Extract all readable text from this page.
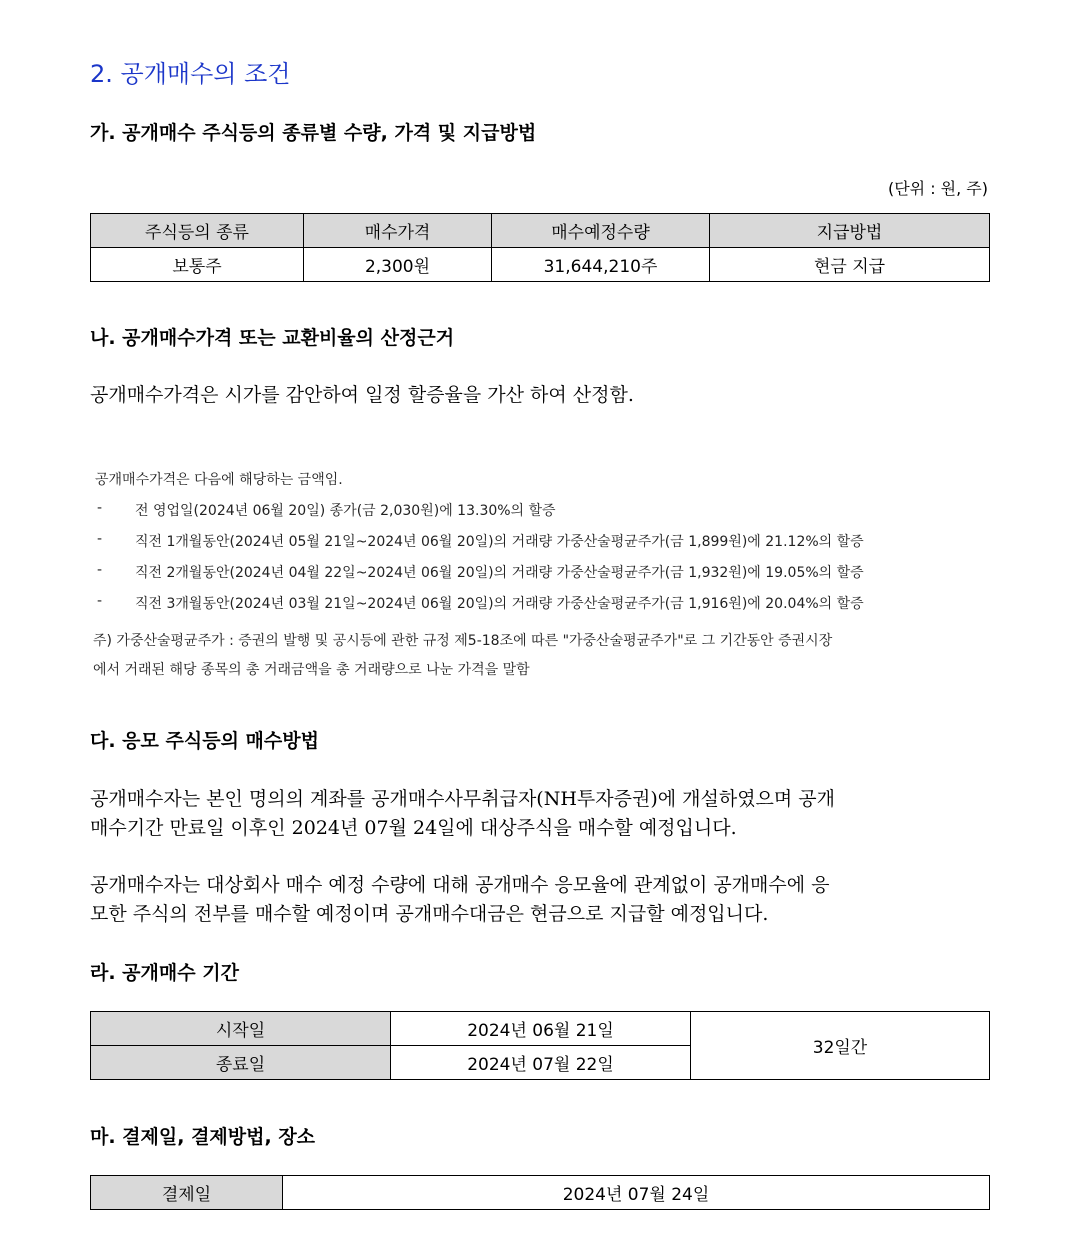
2. 공개매수의 조건
가. 공개매수 주식등의 종류별 수량, 가격 및 지급방법
(단위 : 원, 주)
주식등의 종류	매수가격	매수예정수량	지급방법
보통주	2,300원	31,644,210주	현금 지급
나. 공개매수가격 또는 교환비율의 산정근거
공개매수가격은 시가를 감안하여 일정 할증율을 가산 하여 산정함.
공개매수가격은 다음에 해당하는 금액임.
- 전 영업일(2024년 06월 20일) 종가(금 2,030원)에 13.30%의 할증
- 직전 1개월동안(2024년 05월 21일~2024년 06월 20일)의 거래량 가중산술평균주가(금 1,899원)에 21.12%의 할증
- 직전 2개월동안(2024년 04월 22일~2024년 06월 20일)의 거래량 가중산술평균주가(금 1,932원)에 19.05%의 할증
- 직전 3개월동안(2024년 03월 21일~2024년 06월 20일)의 거래량 가중산술평균주가(금 1,916원)에 20.04%의 할증
주) 가중산술평균주가 : 증권의 발행 및 공시등에 관한 규정 제5-18조에 따른 "가중산술평균주가"로 그 기간동안 증권시장
에서 거래된 해당 종목의 총 거래금액을 총 거래량으로 나눈 가격을 말함
다. 응모 주식등의 매수방법
공개매수자는 본인 명의의 계좌를 공개매수사무취급자(NH투자증권)에 개설하였으며 공개
매수기간 만료일 이후인 2024년 07월 24일에 대상주식을 매수할 예정입니다.
공개매수자는 대상회사 매수 예정 수량에 대해 공개매수 응모율에 관계없이 공개매수에 응
모한 주식의 전부를 매수할 예정이며 공개매수대금은 현금으로 지급할 예정입니다.
라. 공개매수 기간
시작일	2024년 06월 21일	32일간
종료일	2024년 07월 22일	
마. 결제일, 결제방법, 장소
결제일	2024년 07월 24일
